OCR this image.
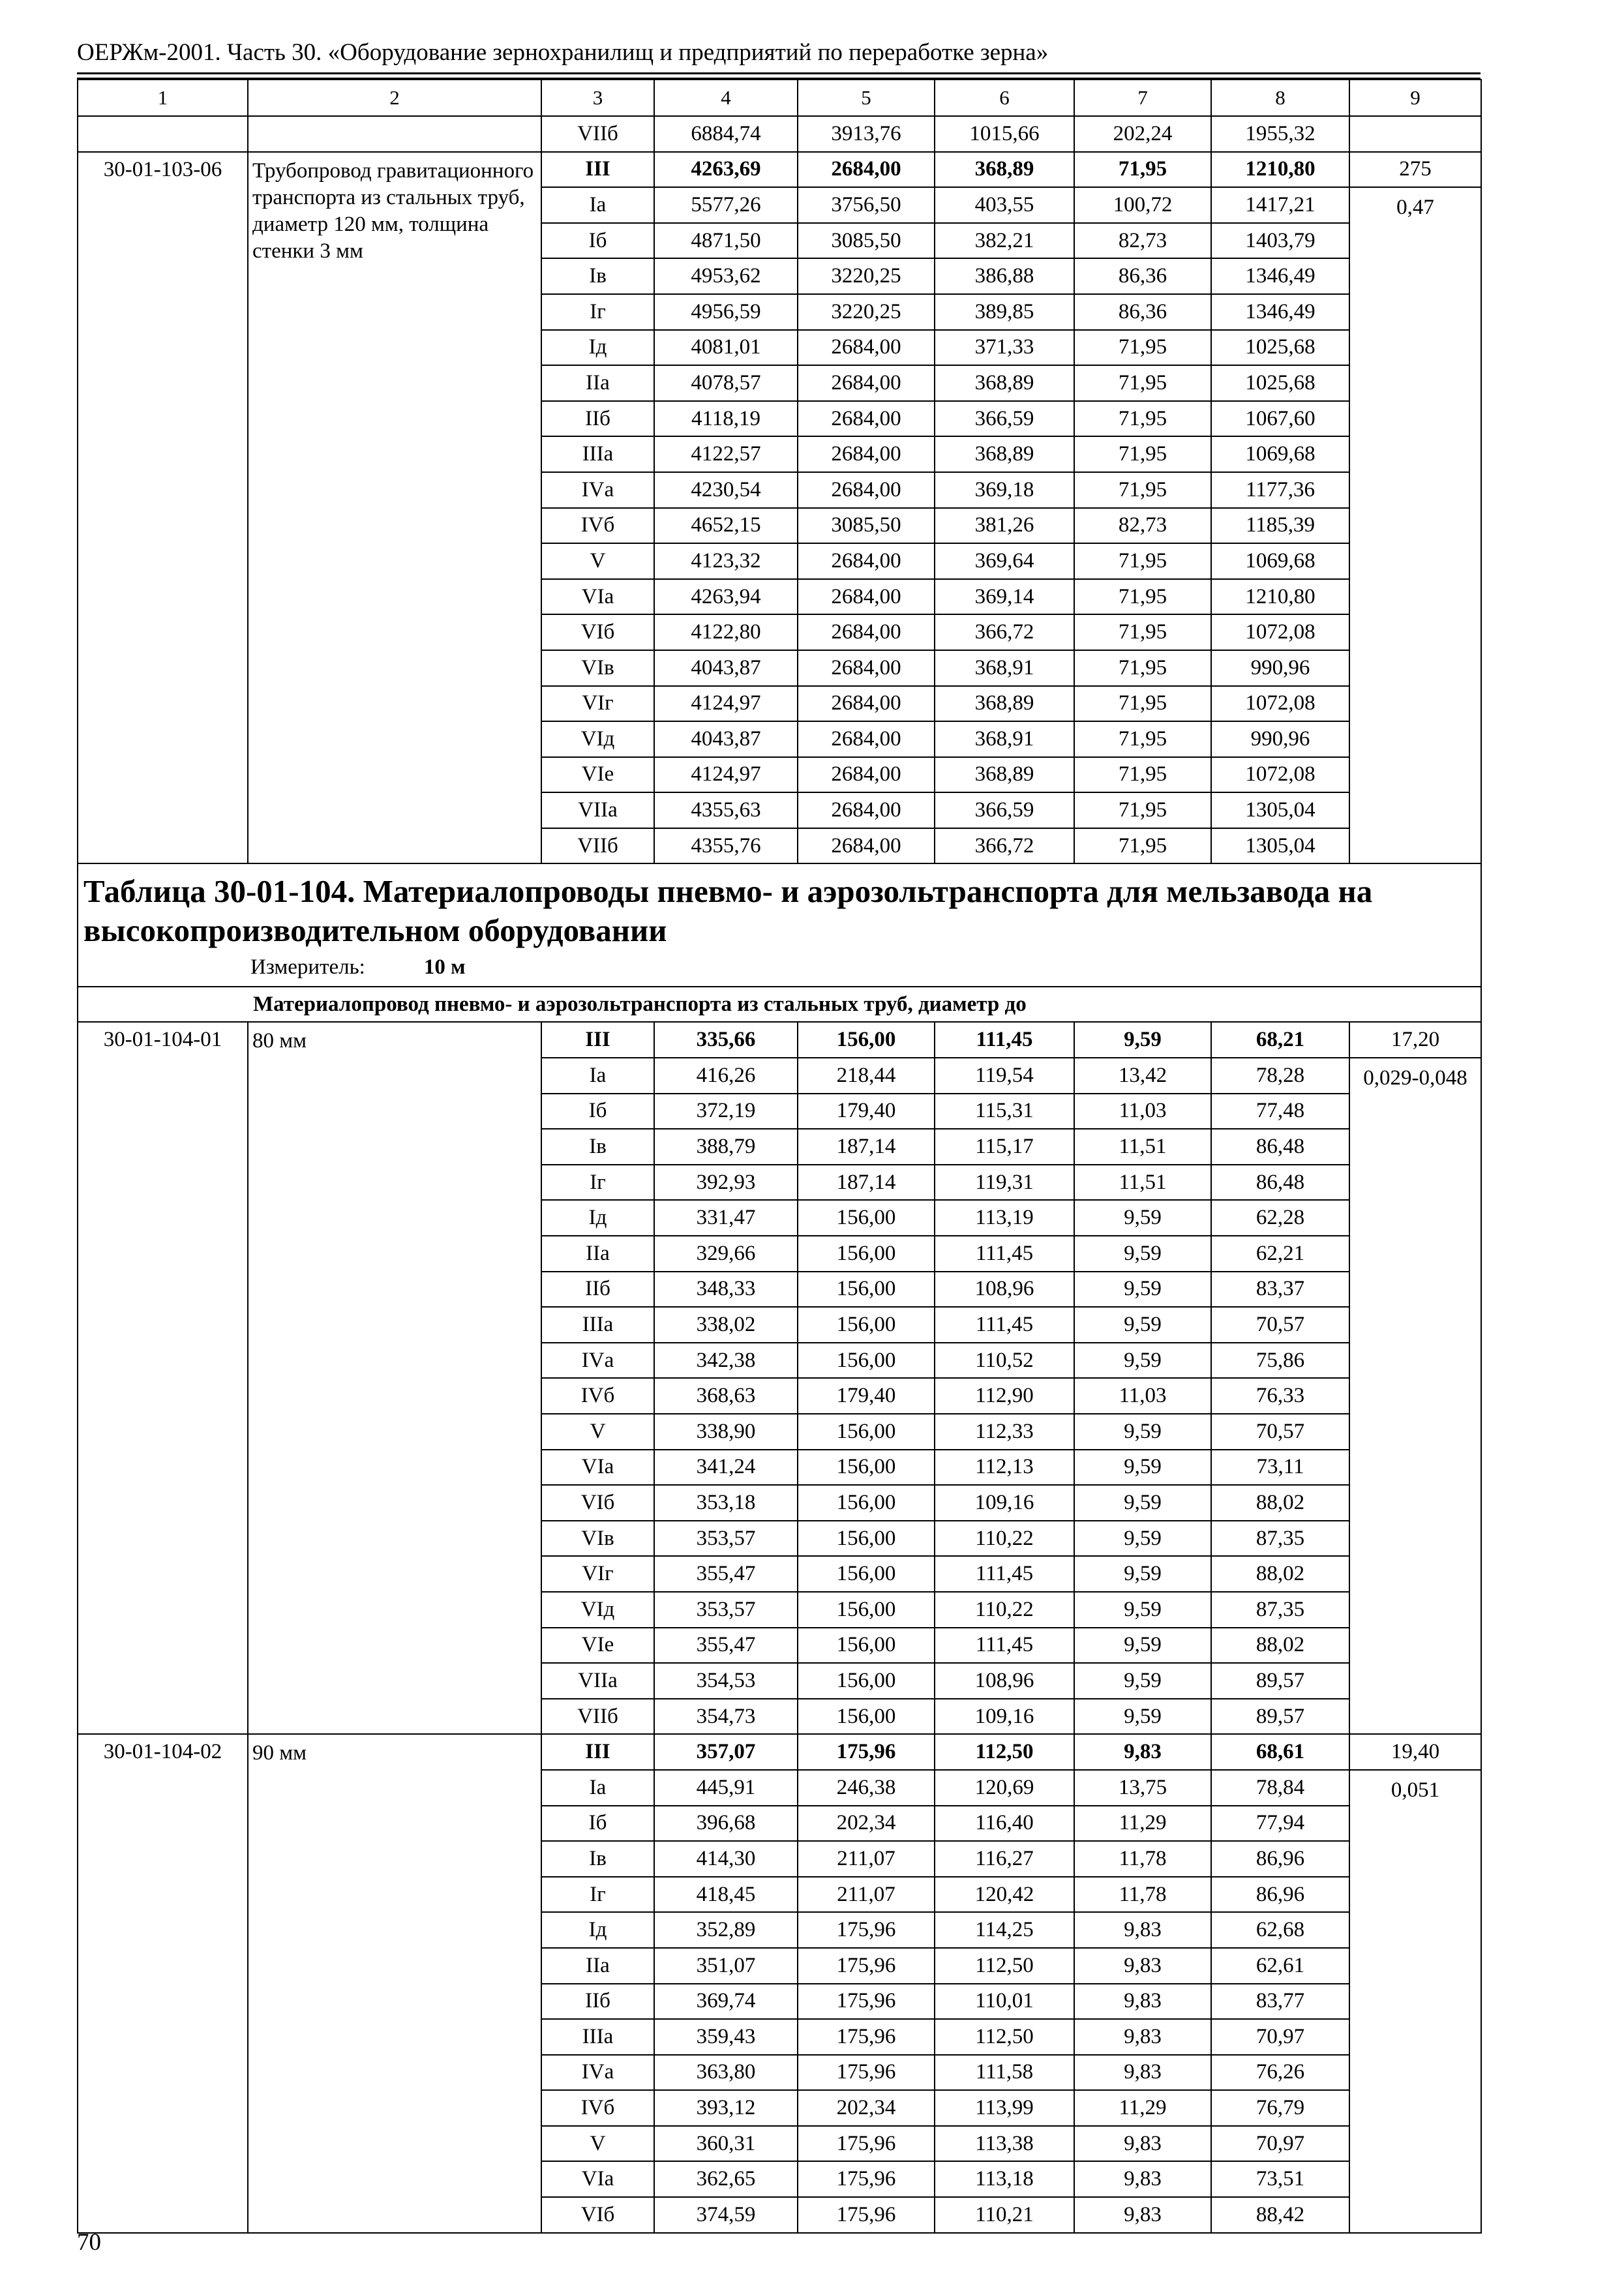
ОЕРЖм-2001. Часть 30. «Оборудование зернохранилищ и предприятий по переработке зерна»
1	2	3	4	5	6	7	8	9
		VIIб	6884,74	3913,76	1015,66	202,24	1955,32	
30-01-103-06	Трубопровод гравитационного транспорта из стальных труб, диаметр 120 мм, толщина стенки 3 мм	III	4263,69	2684,00	368,89	71,95	1210,80	275
		Iа	5577,26	3756,50	403,55	100,72	1417,21	0,47
		Iб	4871,50	3085,50	382,21	82,73	1403,79	
		Iв	4953,62	3220,25	386,88	86,36	1346,49	
		Iг	4956,59	3220,25	389,85	86,36	1346,49	
		Iд	4081,01	2684,00	371,33	71,95	1025,68	
		IIа	4078,57	2684,00	368,89	71,95	1025,68	
		IIб	4118,19	2684,00	366,59	71,95	1067,60	
		IIIа	4122,57	2684,00	368,89	71,95	1069,68	
		IVа	4230,54	2684,00	369,18	71,95	1177,36	
		IVб	4652,15	3085,50	381,26	82,73	1185,39	
		V	4123,32	2684,00	369,64	71,95	1069,68	
		VIа	4263,94	2684,00	369,14	71,95	1210,80	
		VIб	4122,80	2684,00	366,72	71,95	1072,08	
		VIв	4043,87	2684,00	368,91	71,95	990,96	
		VIг	4124,97	2684,00	368,89	71,95	1072,08	
		VIд	4043,87	2684,00	368,91	71,95	990,96	
		VIе	4124,97	2684,00	368,89	71,95	1072,08	
		VIIа	4355,63	2684,00	366,59	71,95	1305,04	
		VIIб	4355,76	2684,00	366,72	71,95	1305,04	

Таблица 30-01-104. Материалопроводы пневмо- и аэрозольтранспорта для мельзавода на высокопроизводительном оборудовании
Измеритель: 10 м								

Материалопровод пневмо- и аэрозольтранспорта из стальных труб, диаметр до								
30-01-104-01	80 мм	III	335,66	156,00	111,45	9,59	68,21	17,20
		Iа	416,26	218,44	119,54	13,42	78,28	0,029-0,048
		Iб	372,19	179,40	115,31	11,03	77,48	
		Iв	388,79	187,14	115,17	11,51	86,48	
		Iг	392,93	187,14	119,31	11,51	86,48	
		Iд	331,47	156,00	113,19	9,59	62,28	
		IIа	329,66	156,00	111,45	9,59	62,21	
		IIб	348,33	156,00	108,96	9,59	83,37	
		IIIа	338,02	156,00	111,45	9,59	70,57	
		IVа	342,38	156,00	110,52	9,59	75,86	
		IVб	368,63	179,40	112,90	11,03	76,33	
		V	338,90	156,00	112,33	9,59	70,57	
		VIа	341,24	156,00	112,13	9,59	73,11	
		VIб	353,18	156,00	109,16	9,59	88,02	
		VIв	353,57	156,00	110,22	9,59	87,35	
		VIг	355,47	156,00	111,45	9,59	88,02	
		VIд	353,57	156,00	110,22	9,59	87,35	
		VIе	355,47	156,00	111,45	9,59	88,02	
		VIIа	354,53	156,00	108,96	9,59	89,57	
		VIIб	354,73	156,00	109,16	9,59	89,57	
30-01-104-02	90 мм	III	357,07	175,96	112,50	9,83	68,61	19,40
		Iа	445,91	246,38	120,69	13,75	78,84	0,051
		Iб	396,68	202,34	116,40	11,29	77,94	
		Iв	414,30	211,07	116,27	11,78	86,96	
		Iг	418,45	211,07	120,42	11,78	86,96	
		Iд	352,89	175,96	114,25	9,83	62,68	
		IIа	351,07	175,96	112,50	9,83	62,61	
		IIб	369,74	175,96	110,01	9,83	83,77	
		IIIа	359,43	175,96	112,50	9,83	70,97	
		IVа	363,80	175,96	111,58	9,83	76,26	
		IVб	393,12	202,34	113,99	11,29	76,79	
		V	360,31	175,96	113,38	9,83	70,97	
		VIа	362,65	175,96	113,18	9,83	73,51	
		VIб	374,59	175,96	110,21	9,83	88,42	
70
